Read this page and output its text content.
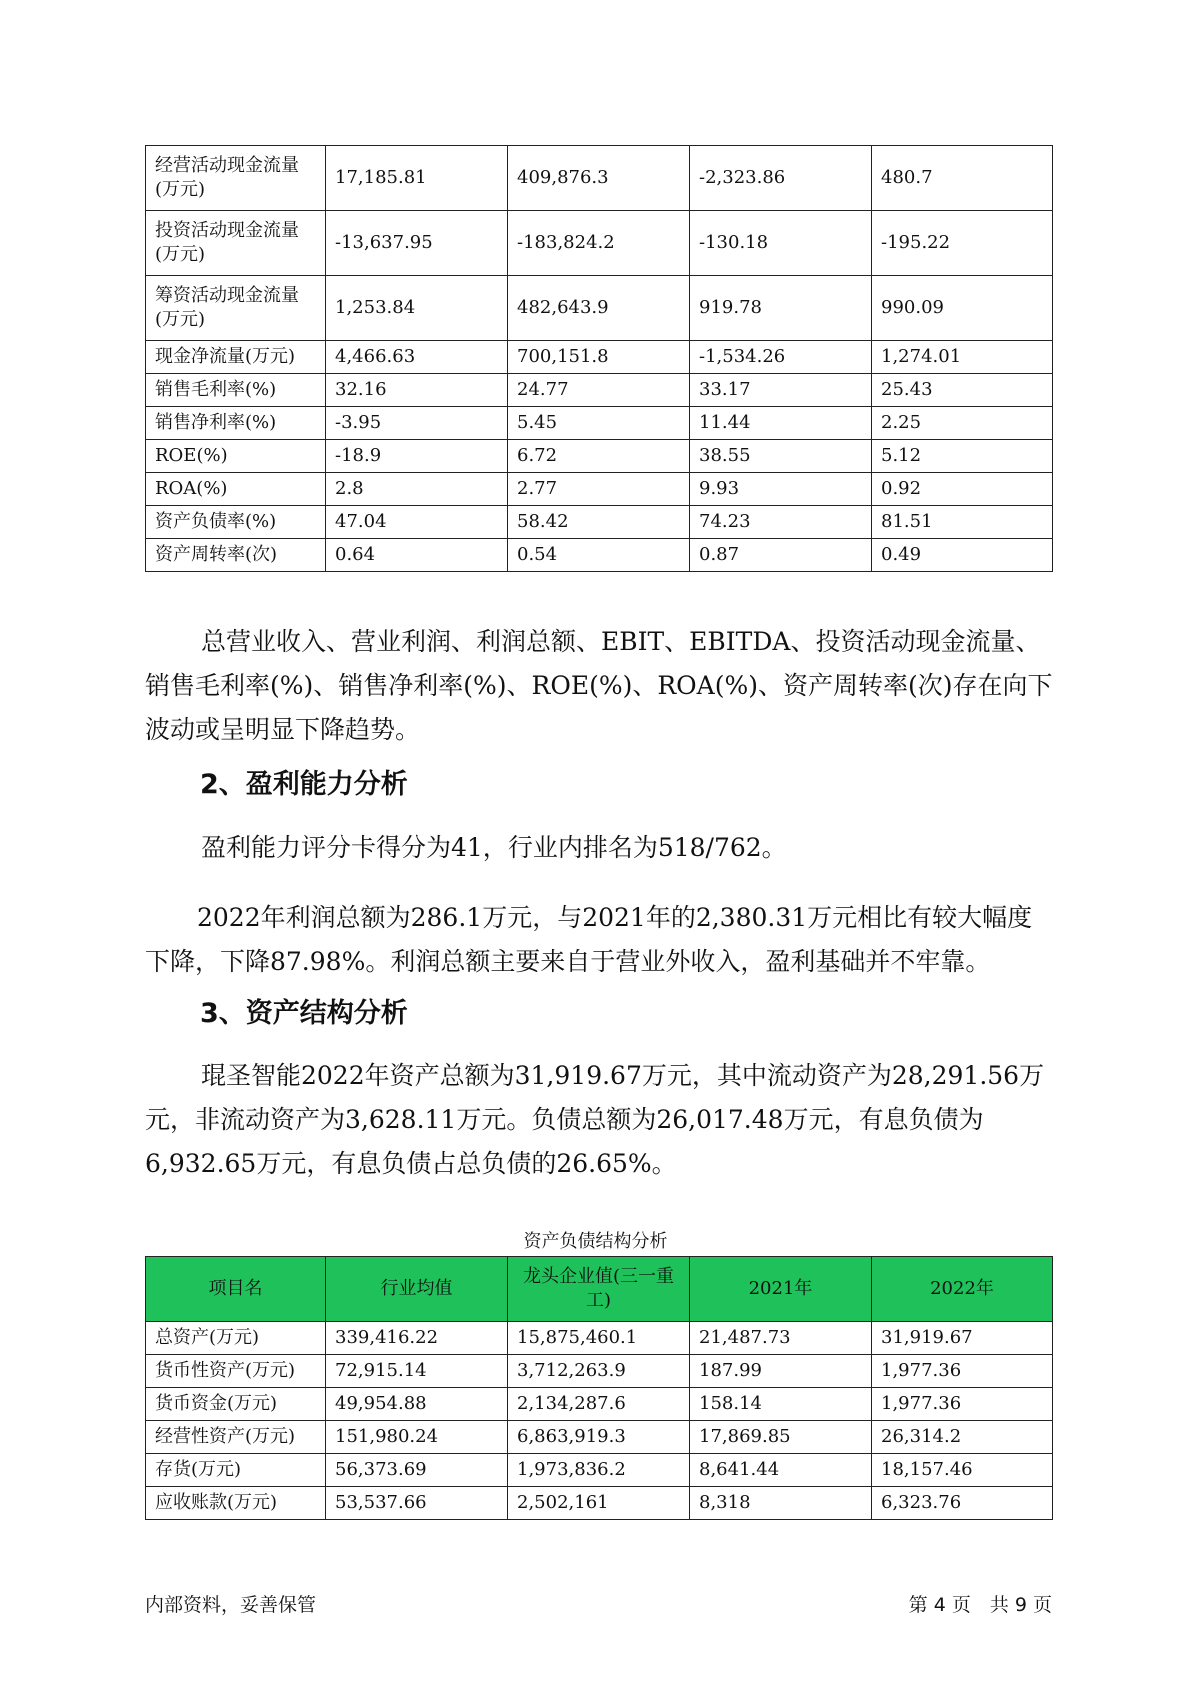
经营活动现金流量(万元)	17,185.81	409,876.3	-2,323.86	480.7
投资活动现金流量(万元)	-13,637.95	-183,824.2	-130.18	-195.22
筹资活动现金流量(万元)	1,253.84	482,643.9	919.78	990.09
现金净流量(万元)	4,466.63	700,151.8	-1,534.26	1,274.01
销售毛利率(%)	32.16	24.77	33.17	25.43
销售净利率(%)	-3.95	5.45	11.44	2.25
ROE(%)	-18.9	6.72	38.55	5.12
ROA(%)	2.8	2.77	9.93	0.92
资产负债率(%)	47.04	58.42	74.23	81.51
资产周转率(次)	0.64	0.54	0.87	0.49

总营业收入、营业利润、利润总额、EBIT、EBITDA、投资活动现金流量、销售毛利率(%)、销售净利率(%)、ROE(%)、ROA(%)、资产周转率(次)存在向下波动或呈明显下降趋势。

2、盈利能力分析

盈利能力评分卡得分为41，行业内排名为518/762。

2022年利润总额为286.1万元，与2021年的2,380.31万元相比有较大幅度下降，下降87.98%。利润总额主要来自于营业外收入，盈利基础并不牢靠。

3、资产结构分析

琨圣智能2022年资产总额为31,919.67万元，其中流动资产为28,291.56万元，非流动资产为3,628.11万元。负债总额为26,017.48万元，有息负债为6,932.65万元，有息负债占总负债的26.65%。

资产负债结构分析
项目名	行业均值	龙头企业值(三一重工)	2021年	2022年
总资产(万元)	339,416.22	15,875,460.1	21,487.73	31,919.67
货币性资产(万元)	72,915.14	3,712,263.9	187.99	1,977.36
货币资金(万元)	49,954.88	2,134,287.6	158.14	1,977.36
经营性资产(万元)	151,980.24	6,863,919.3	17,869.85	26,314.2
存货(万元)	56,373.69	1,973,836.2	8,641.44	18,157.46
应收账款(万元)	53,537.66	2,502,161	8,318	6,323.76
内部资料，妥善保管	第 4 页　共 9 页
